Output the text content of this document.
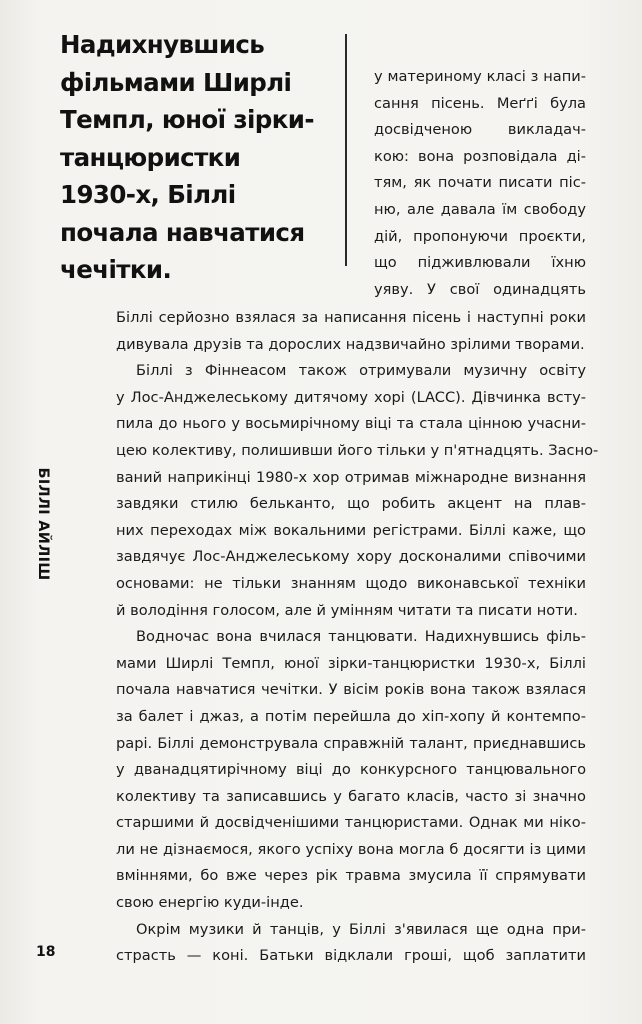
Надихнувшись
фільмами Ширлі
Темпл, юної зірки-
танцюристки
1930-х, Біллі
почала навчатися
чечітки.
у материному класі з напи-
сання пісень. Меґґі була
досвідченою викладач-
кою: вона розповідала ді-
тям, як почати писати піс-
ню, але давала їм свободу
дій, пропонуючи проєкти,
що підживлювали їхню
уяву. У свої одинадцять
Біллі серйозно взялася за написання пісень і наступні роки
дивувала друзів та дорослих надзвичайно зрілими творами.
Біллі з Фіннеасом також отримували музичну освіту
у Лос-Анджелеському дитячому хорі (LACC). Дівчинка всту-
пила до нього у восьмирічному віці та стала цінною учасни-
цею колективу, полишивши його тільки у п'ятнадцять. Засно-
ваний наприкінці 1980-х хор отримав міжнародне визнання
завдяки стилю бельканто, що робить акцент на плав-
них переходах між вокальними регістрами. Біллі каже, що
завдячує Лос-Анджелеському хору досконалими співочими
основами: не тільки знанням щодо виконавської техніки
й володіння голосом, але й умінням читати та писати ноти.
Водночас вона вчилася танцювати. Надихнувшись філь-
мами Ширлі Темпл, юної зірки-танцюристки 1930-х, Біллі
почала навчатися чечітки. У вісім років вона також взялася
за балет і джаз, а потім перейшла до хіп-хопу й контемпо-
рарі. Біллі демонструвала справжній талант, приєднавшись
у дванадцятирічному віці до конкурсного танцювального
колективу та записавшись у багато класів, часто зі значно
старшими й досвідченішими танцюристами. Однак ми ніко-
ли не дізнаємося, якого успіху вона могла б досягти із цими
вміннями, бо вже через рік травма змусила її спрямувати
свою енергію куди-інде.
Окрім музики й танців, у Біллі з'явилася ще одна при-
страсть — коні. Батьки відклали гроші, щоб заплатити
БІЛЛІ АЙЛІШ
18
